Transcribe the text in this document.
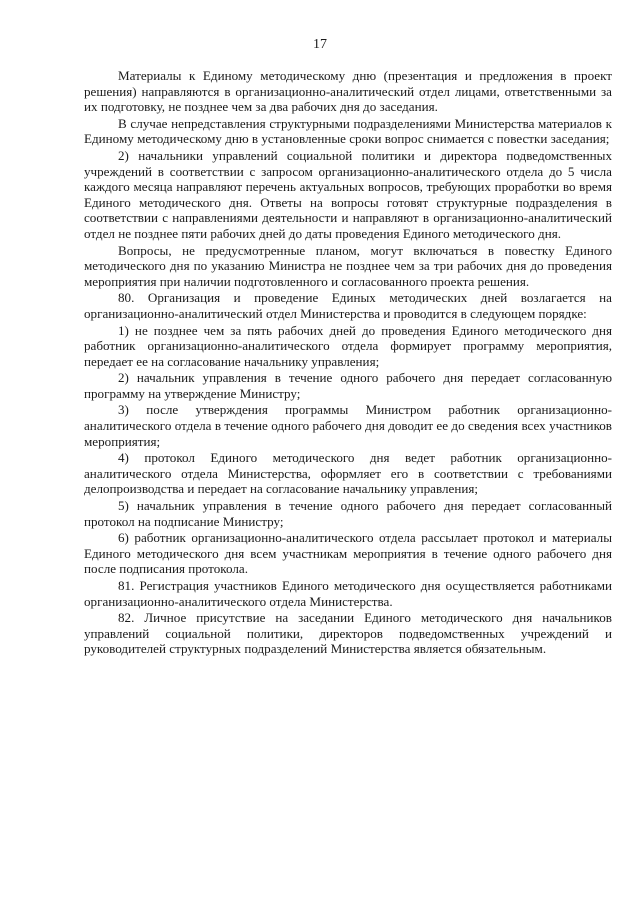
17

Материалы к Единому методическому дню (презентация и предложения в проект решения) направляются в организационно-аналитический отдел лицами, ответственными за их подготовку, не позднее чем за два рабочих дня до заседания.

В случае непредставления структурными подразделениями Министерства материалов к Единому методическому дню в установленные сроки вопрос снимается с повестки заседания;

2) начальники управлений социальной политики и директора подведомственных учреждений в соответствии с запросом организационно-аналитического отдела до 5 числа каждого месяца направляют перечень актуальных вопросов, требующих проработки во время Единого методического дня. Ответы на вопросы готовят структурные подразделения в соответствии с направлениями деятельности и направляют в организационно-аналитический отдел не позднее пяти рабочих дней до даты проведения Единого методического дня.

Вопросы, не предусмотренные планом, могут включаться в повестку Единого методического дня по указанию Министра не позднее чем за три рабочих дня до проведения мероприятия при наличии подготовленного и согласованного проекта решения.

80. Организация и проведение Единых методических дней возлагается на организационно-аналитический отдел Министерства и проводится в следующем порядке:

1) не позднее чем за пять рабочих дней до проведения Единого методического дня работник организационно-аналитического отдела формирует программу мероприятия, передает ее на согласование начальнику управления;

2) начальник управления в течение одного рабочего дня передает согласованную программу на утверждение Министру;

3) после утверждения программы Министром работник организационно-аналитического отдела в течение одного рабочего дня доводит ее до сведения всех участников мероприятия;

4) протокол Единого методического дня ведет работник организационно-аналитического отдела Министерства, оформляет его в соответствии с требованиями делопроизводства и передает на согласование начальнику управления;

5) начальник управления в течение одного рабочего дня передает согласованный протокол на подписание Министру;

6) работник организационно-аналитического отдела рассылает протокол и материалы Единого методического дня всем участникам мероприятия в течение одного рабочего дня после подписания протокола.

81. Регистрация участников Единого методического дня осуществляется работниками организационно-аналитического отдела Министерства.

82. Личное присутствие на заседании Единого методического дня начальников управлений социальной политики, директоров подведомственных учреждений и руководителей структурных подразделений Министерства является обязательным.
